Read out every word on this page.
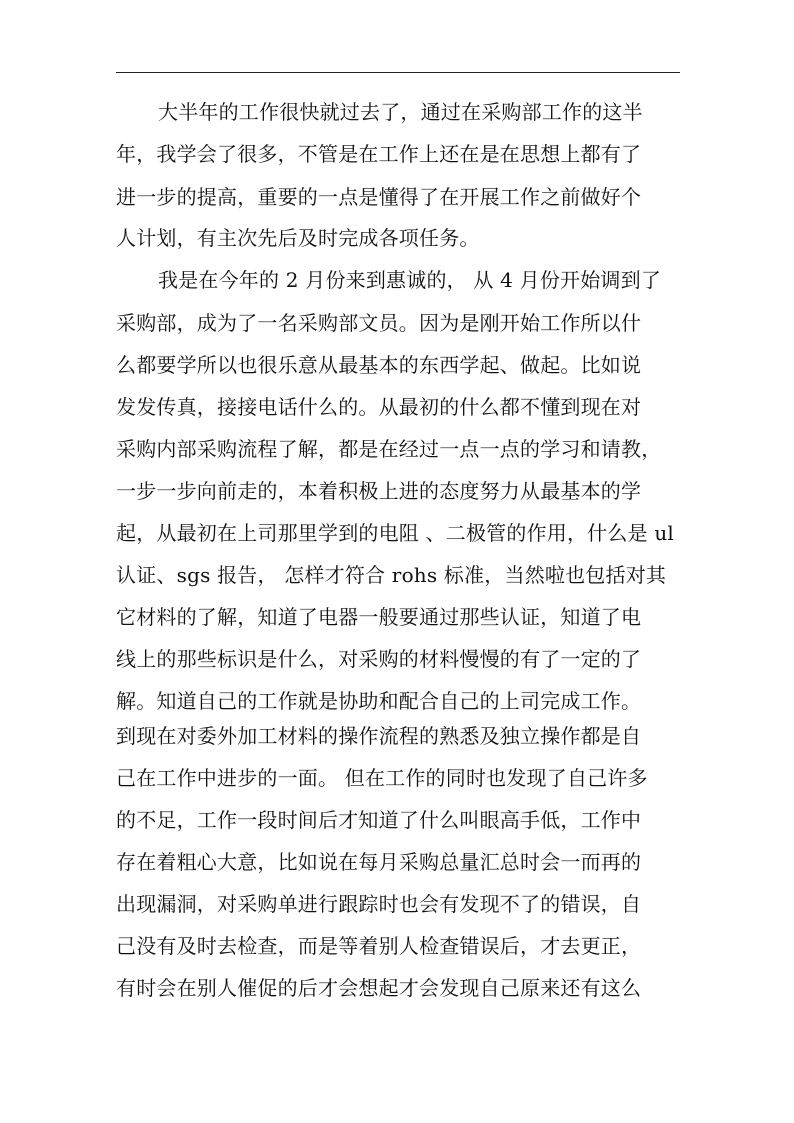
大半年的工作很快就过去了，通过在采购部工作的这半
年，我学会了很多，不管是在工作上还在是在思想上都有了
进一步的提高，重要的一点是懂得了在开展工作之前做好个
人计划，有主次先后及时完成各项任务。
我是在今年的 2 月份来到惠诚的， 从 4 月份开始调到了
采购部，成为了一名采购部文员。因为是刚开始工作所以什
么都要学所以也很乐意从最基本的东西学起、做起。比如说
发发传真，接接电话什么的。从最初的什么都不懂到现在对
采购内部采购流程了解，都是在经过一点一点的学习和请教，
一步一步向前走的，本着积极上进的态度努力从最基本的学
起，从最初在上司那里学到的电阻 、二极管的作用，什么是 ul
认证、sgs 报告， 怎样才符合 rohs 标准，当然啦也包括对其
它材料的了解，知道了电器一般要通过那些认证，知道了电
线上的那些标识是什么，对采购的材料慢慢的有了一定的了
解。知道自己的工作就是协助和配合自己的上司完成工作。
到现在对委外加工材料的操作流程的熟悉及独立操作都是自
己在工作中进步的一面。 但在工作的同时也发现了自己许多
的不足，工作一段时间后才知道了什么叫眼高手低，工作中
存在着粗心大意，比如说在每月采购总量汇总时会一而再的
出现漏洞，对采购单进行跟踪时也会有发现不了的错误，自
己没有及时去检查，而是等着别人检查错误后，才去更正，
有时会在别人催促的后才会想起才会发现自己原来还有这么
